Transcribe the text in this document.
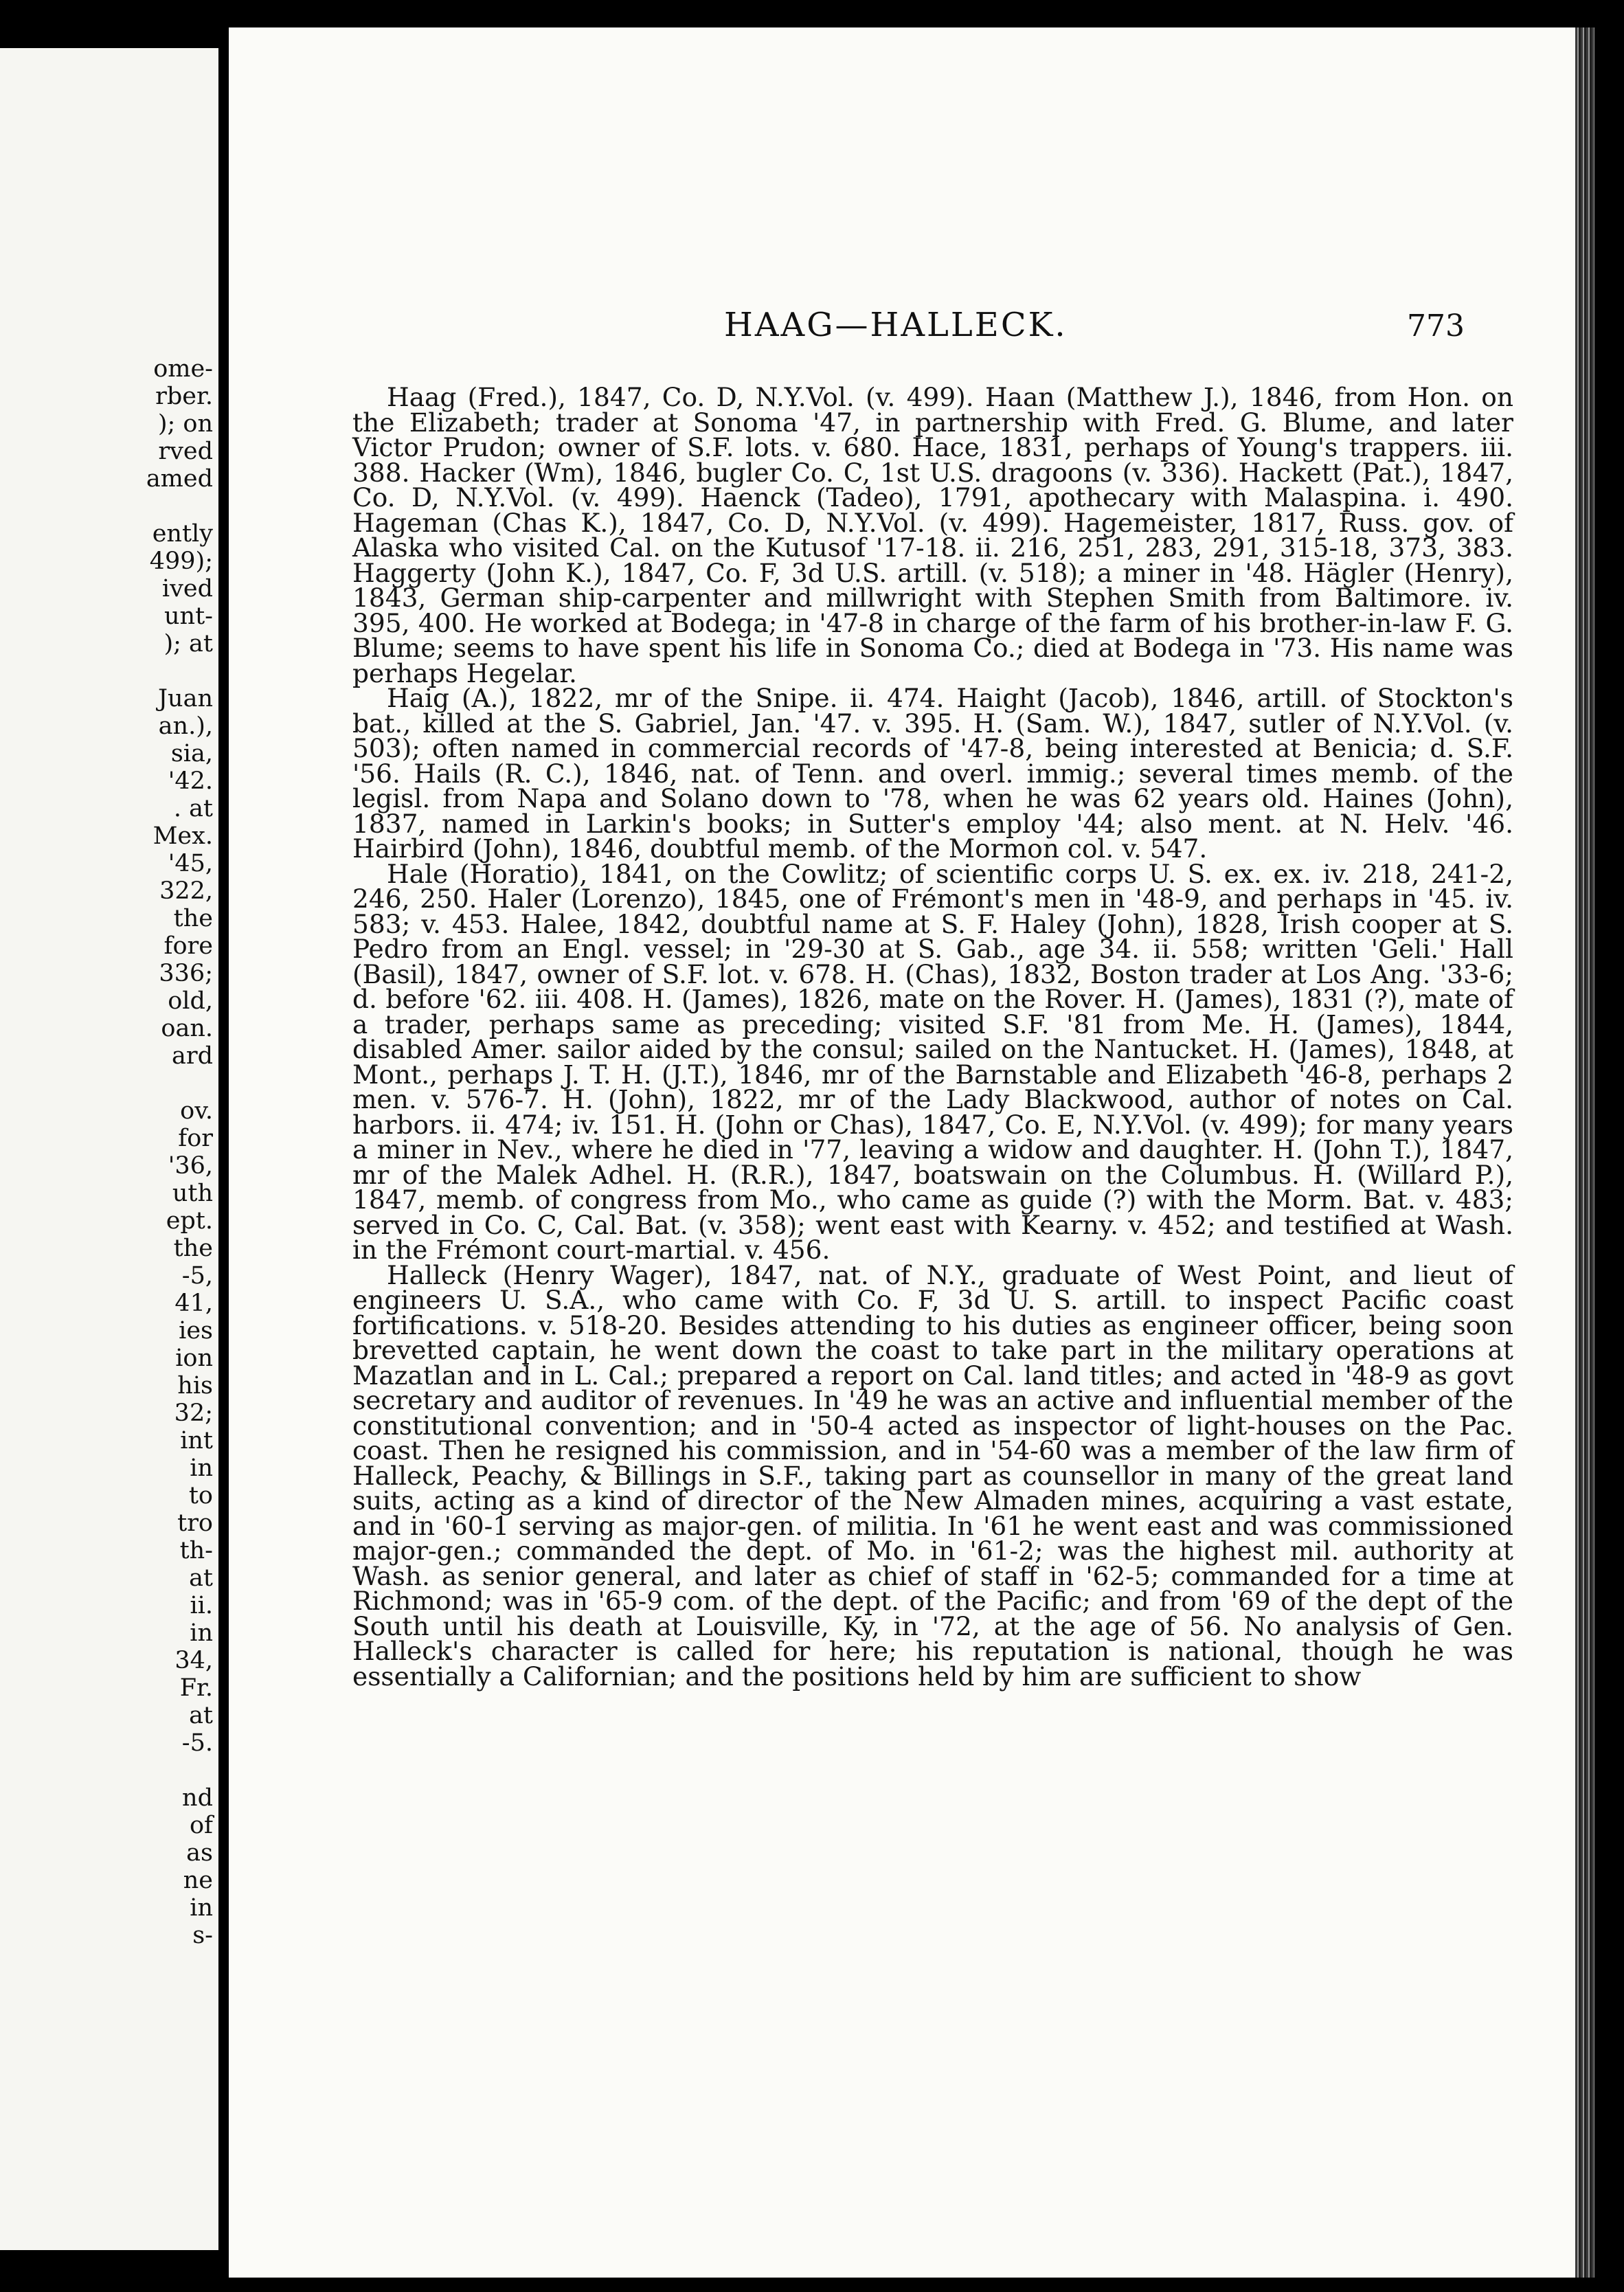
ome-
rber.
); on
rved
amed
ently
499);
ived
unt-
); at
Juan
an.),
sia,
'42.
. at
Mex.
'45,
322,
the
fore
336;
old,
oan.
ard
ov.
for
'36,
uth
ept.
the
-5,
41,
ies
ion
his
32;
int
in
to
tro
th-
at
ii.
in
34,
Fr.
at
-5.
nd
of
as
ne
in
s-
HAAG—HALLECK.	773

Haag (Fred.), 1847, Co. D, N.Y.Vol. (v. 499). Haan (Matthew J.), 1846, from Hon. on the Elizabeth; trader at Sonoma '47, in partnership with Fred. G. Blume, and later Victor Prudon; owner of S.F. lots. v. 680. Hace, 1831, perhaps of Young's trappers. iii. 388. Hacker (Wm), 1846, bugler Co. C, 1st U.S. dragoons (v. 336). Hackett (Pat.), 1847, Co. D, N.Y.Vol. (v. 499). Haenck (Tadeo), 1791, apothecary with Malaspina. i. 490. Hageman (Chas K.), 1847, Co. D, N.Y.Vol. (v. 499). Hagemeister, 1817, Russ. gov. of Alaska who visited Cal. on the Kutusof '17-18. ii. 216, 251, 283, 291, 315-18, 373, 383. Haggerty (John K.), 1847, Co. F, 3d U.S. artill. (v. 518); a miner in '48. Hägler (Henry), 1843, German ship-carpenter and millwright with Stephen Smith from Baltimore. iv. 395, 400. He worked at Bodega; in '47-8 in charge of the farm of his brother-in-law F. G. Blume; seems to have spent his life in Sonoma Co.; died at Bodega in '73. His name was perhaps Hegelar.

Haig (A.), 1822, mr of the Snipe. ii. 474. Haight (Jacob), 1846, artill. of Stockton's bat., killed at the S. Gabriel, Jan. '47. v. 395. H. (Sam. W.), 1847, sutler of N.Y.Vol. (v. 503); often named in commercial records of '47-8, being interested at Benicia; d. S.F. '56. Hails (R. C.), 1846, nat. of Tenn. and overl. immig.; several times memb. of the legisl. from Napa and Solano down to '78, when he was 62 years old. Haines (John), 1837, named in Larkin's books; in Sutter's employ '44; also ment. at N. Helv. '46. Hairbird (John), 1846, doubtful memb. of the Mormon col. v. 547.

Hale (Horatio), 1841, on the Cowlitz; of scientific corps U. S. ex. ex. iv. 218, 241-2, 246, 250. Haler (Lorenzo), 1845, one of Frémont's men in '48-9, and perhaps in '45. iv. 583; v. 453. Halee, 1842, doubtful name at S. F. Haley (John), 1828, Irish cooper at S. Pedro from an Engl. vessel; in '29-30 at S. Gab., age 34. ii. 558; written 'Geli.' Hall (Basil), 1847, owner of S.F. lot. v. 678. H. (Chas), 1832, Boston trader at Los Ang. '33-6; d. before '62. iii. 408. H. (James), 1826, mate on the Rover. H. (James), 1831 (?), mate of a trader, perhaps same as preceding; visited S.F. '81 from Me. H. (James), 1844, disabled Amer. sailor aided by the consul; sailed on the Nantucket. H. (James), 1848, at Mont., perhaps J. T. H. (J.T.), 1846, mr of the Barnstable and Elizabeth '46-8, perhaps 2 men. v. 576-7. H. (John), 1822, mr of the Lady Blackwood, author of notes on Cal. harbors. ii. 474; iv. 151. H. (John or Chas), 1847, Co. E, N.Y.Vol. (v. 499); for many years a miner in Nev., where he died in '77, leaving a widow and daughter. H. (John T.), 1847, mr of the Malek Adhel. H. (R.R.), 1847, boatswain on the Columbus. H. (Willard P.), 1847, memb. of congress from Mo., who came as guide (?) with the Morm. Bat. v. 483; served in Co. C, Cal. Bat. (v. 358); went east with Kearny. v. 452; and testified at Wash. in the Frémont court-martial. v. 456.

Halleck (Henry Wager), 1847, nat. of N.Y., graduate of West Point, and lieut of engineers U. S.A., who came with Co. F, 3d U. S. artill. to inspect Pacific coast fortifications. v. 518-20. Besides attending to his duties as engineer officer, being soon brevetted captain, he went down the coast to take part in the military operations at Mazatlan and in L. Cal.; prepared a report on Cal. land titles; and acted in '48-9 as govt secretary and auditor of revenues. In '49 he was an active and influential member of the constitutional convention; and in '50-4 acted as inspector of light-houses on the Pac. coast. Then he resigned his commission, and in '54-60 was a member of the law firm of Halleck, Peachy, & Billings in S.F., taking part as counsellor in many of the great land suits, acting as a kind of director of the New Almaden mines, acquiring a vast estate, and in '60-1 serving as major-gen. of militia. In '61 he went east and was commissioned major-gen.; commanded the dept. of Mo. in '61-2; was the highest mil. authority at Wash. as senior general, and later as chief of staff in '62-5; commanded for a time at Richmond; was in '65-9 com. of the dept. of the Pacific; and from '69 of the dept of the South until his death at Louisville, Ky, in '72, at the age of 56. No analysis of Gen. Halleck's character is called for here; his reputation is national, though he was essentially a Californian; and the positions held by him are sufficient to show
